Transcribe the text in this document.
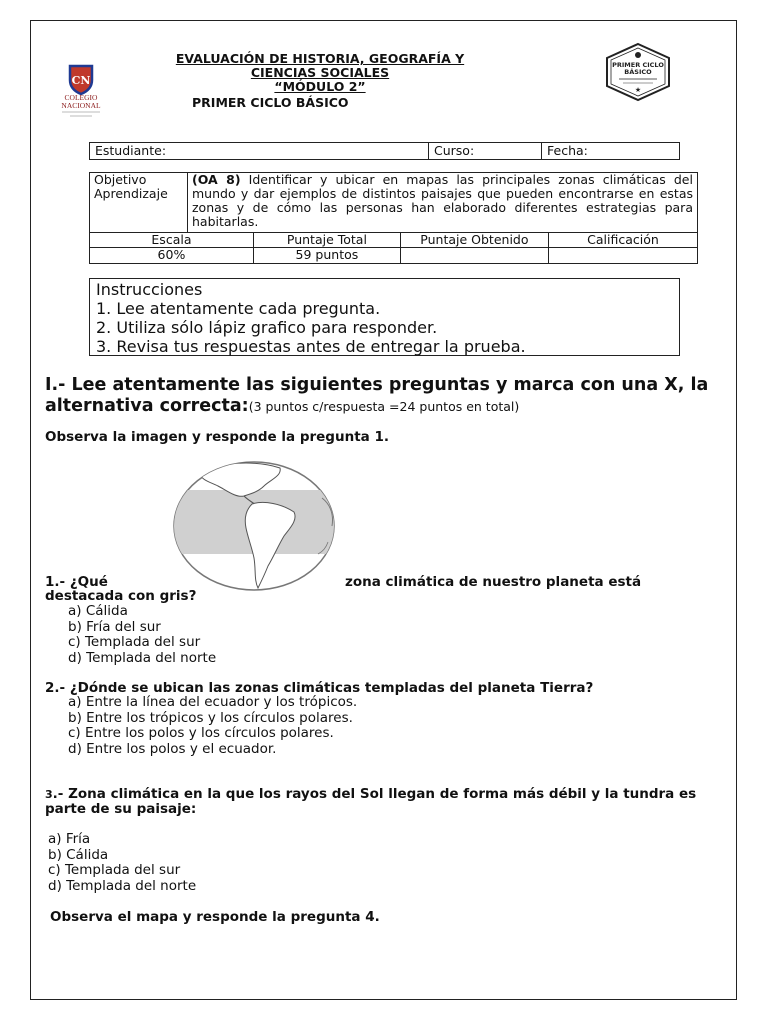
CN
COLEGIO
NACIONAL
EVALUACIÓN DE HISTORIA, GEOGRAFÍA Y
CIENCIAS SOCIALES
“MÓDULO 2”
PRIMER CICLO BÁSICO
PRIMER CICLO
BÁSICO
★
Estudiante:	Curso:	Fecha:
Objetivo Aprendizaje	(OA 8) Identificar y ubicar en mapas las principales zonas climáticas del mundo y dar ejemplos de distintos paisajes que pueden encontrarse en estas zonas y de cómo las personas han elaborado diferentes estrategias para habitarlas.			
Escala		Puntaje Total	Puntaje Obtenido	Calificación
60%		59 puntos		
Instrucciones
1. Lee atentamente cada pregunta.
2. Utiliza sólo lápiz grafico para responder.
3. Revisa tus respuestas antes de entregar la prueba.
I.- Lee atentamente las siguientes preguntas y marca con una X, la alternativa correcta:(3 puntos c/respuesta =24 puntos en total)
Observa la imagen y responde la pregunta 1.
1.- ¿Qué	zona climática de nuestro planeta está
destacada con gris?
a) Cálida
b) Fría del sur
c) Templada del sur
d) Templada del norte
2.- ¿Dónde se ubican las zonas climáticas templadas del planeta Tierra?
a) Entre la línea del ecuador y los trópicos.
b) Entre los trópicos y los círculos polares.
c) Entre los polos y los círculos polares.
d) Entre los polos y el ecuador.
3.- Zona climática en la que los rayos del Sol llegan de forma más débil y la tundra es parte de su paisaje:
a) Fría
b) Cálida
c) Templada del sur
d) Templada del norte
Observa el mapa y responde la pregunta 4.
